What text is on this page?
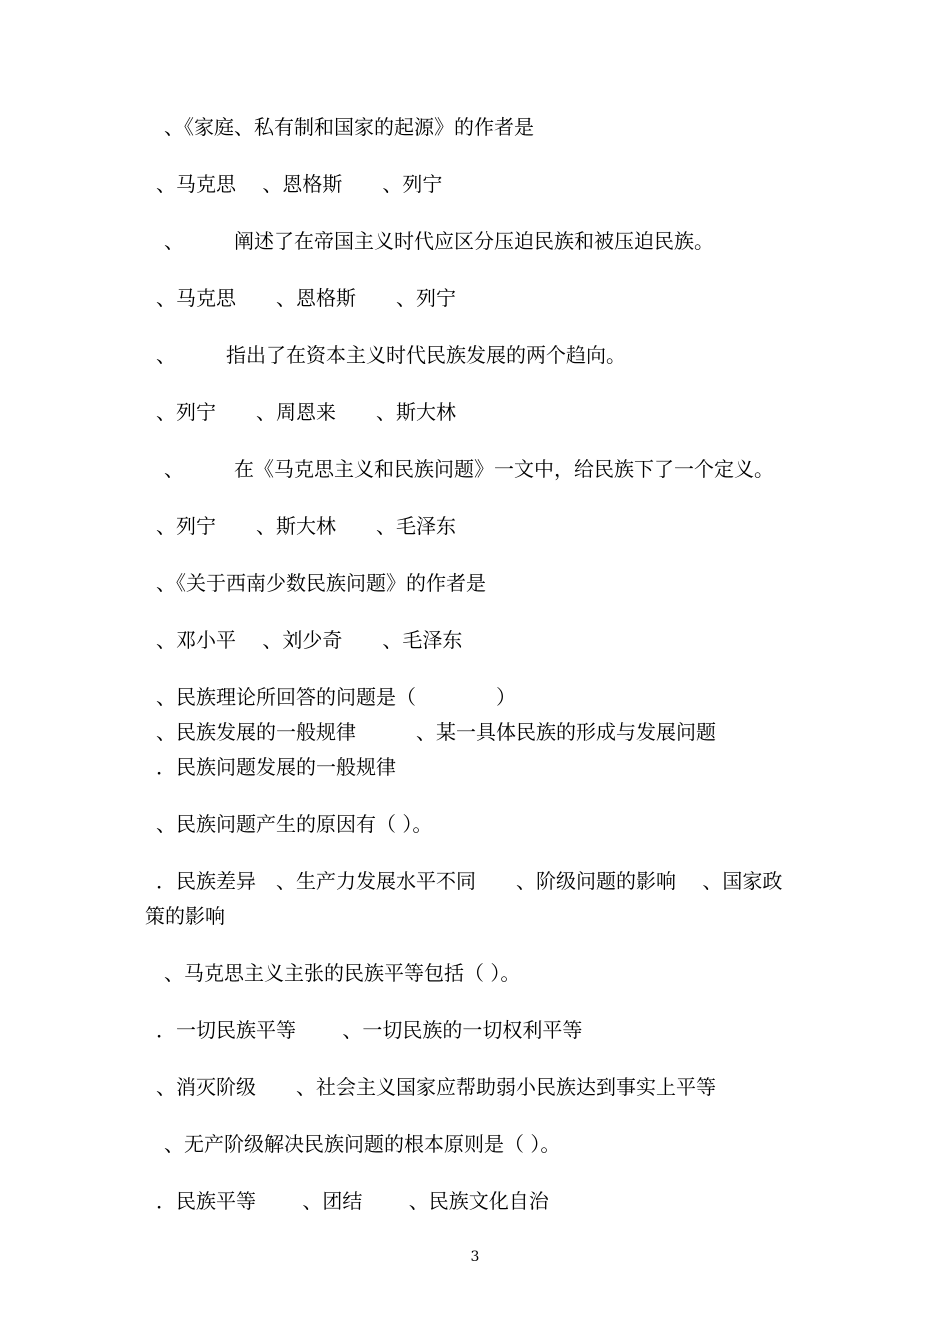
、《家庭、私有制和国家的起源》的作者是
、马克思　 、恩格斯　　、列宁
、　　　阐述了在帝国主义时代应区分压迫民族和被压迫民族。
、马克思　　、恩格斯　　、列宁
、　　　指出了在资本主义时代民族发展的两个趋向。
、列宁　　、周恩来　　、斯大林
、　　　在《马克思主义和民族问题》一文中，给民族下了一个定义。
、列宁　　、斯大林　　、毛泽东
、《关于西南少数民族问题》的作者是
、邓小平　 、刘少奇　　、毛泽东
、民族理论所回答的问题是（　　　　）
、民族发展的一般规律　　　、某一具体民族的形成与发展问题
．民族问题发展的一般规律
、民族问题产生的原因有（ ）。
．民族差异　、生产力发展水平不同　　、阶级问题的影响　 、国家政
策的影响
、马克思主义主张的民族平等包括（ ）。
．一切民族平等　　 、一切民族的一切权利平等
、消灭阶级　　、社会主义国家应帮助弱小民族达到事实上平等
、无产阶级解决民族问题的根本原则是（ ）。
．民族平等　　 、团结　　 、民族文化自治
3
